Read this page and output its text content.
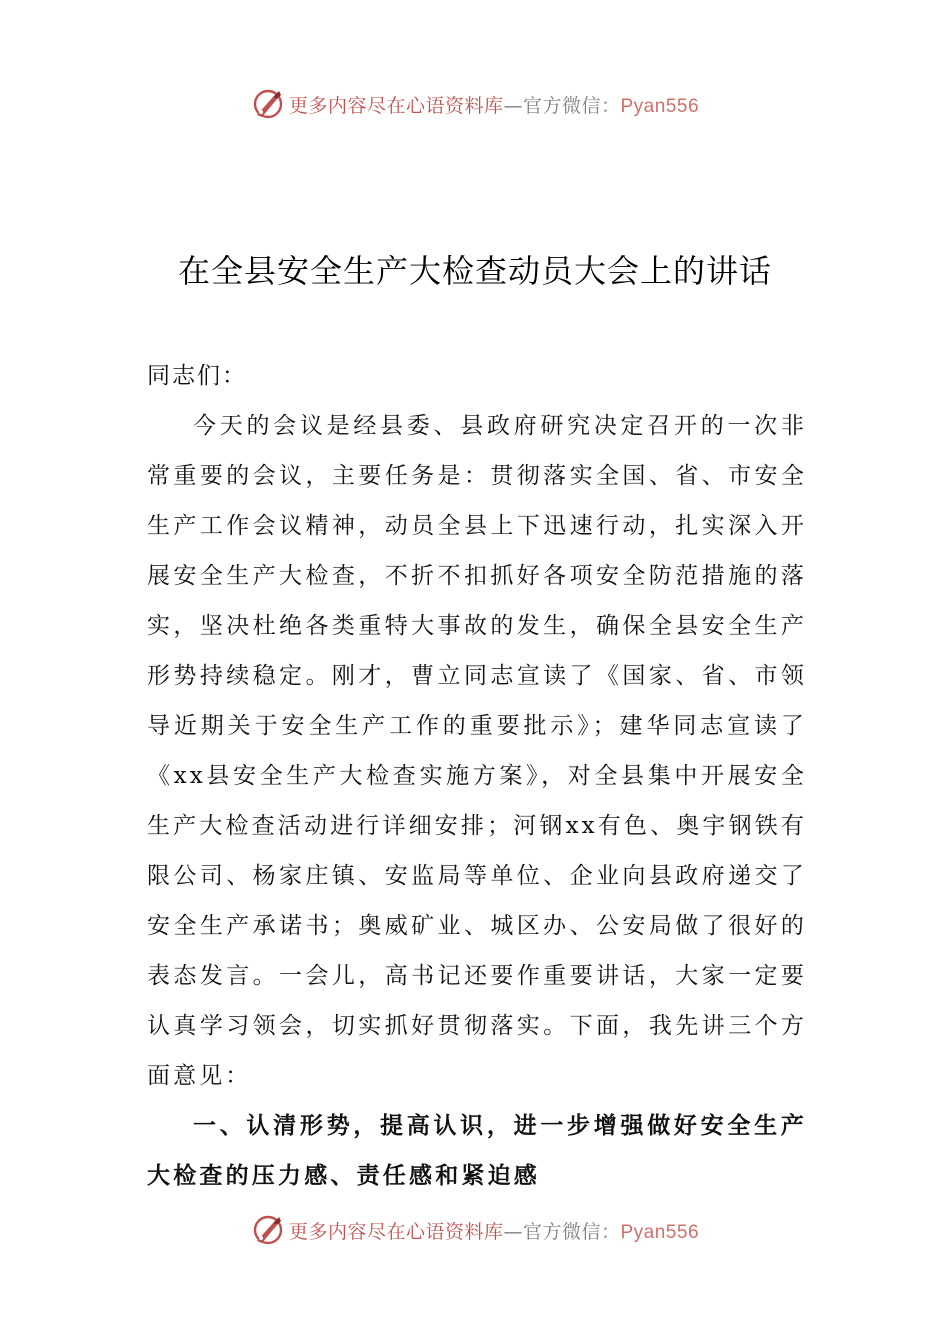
更多内容尽在心语资料库—官方微信：Pyan556
在全县安全生产大检查动员大会上的讲话
同志们：

今天的会议是经县委、县政府研究决定召开的一次非常重要的会议，主要任务是：贯彻落实全国、省、市安全生产工作会议精神，动员全县上下迅速行动，扎实深入开展安全生产大检查，不折不扣抓好各项安全防范措施的落实，坚决杜绝各类重特大事故的发生，确保全县安全生产形势持续稳定。刚才，曹立同志宣读了《国家、省、市领导近期关于安全生产工作的重要批示》；建华同志宣读了《xx县安全生产大检查实施方案》，对全县集中开展安全生产大检查活动进行详细安排；河钢xx有色、奥宇钢铁有限公司、杨家庄镇、安监局等单位、企业向县政府递交了安全生产承诺书；奥威矿业、城区办、公安局做了很好的表态发言。一会儿，高书记还要作重要讲话，大家一定要认真学习领会，切实抓好贯彻落实。下面，我先讲三个方面意见：

一、认清形势，提高认识，进一步增强做好安全生产大检查的压力感、责任感和紧迫感

更多内容尽在心语资料库—官方微信：Pyan556
